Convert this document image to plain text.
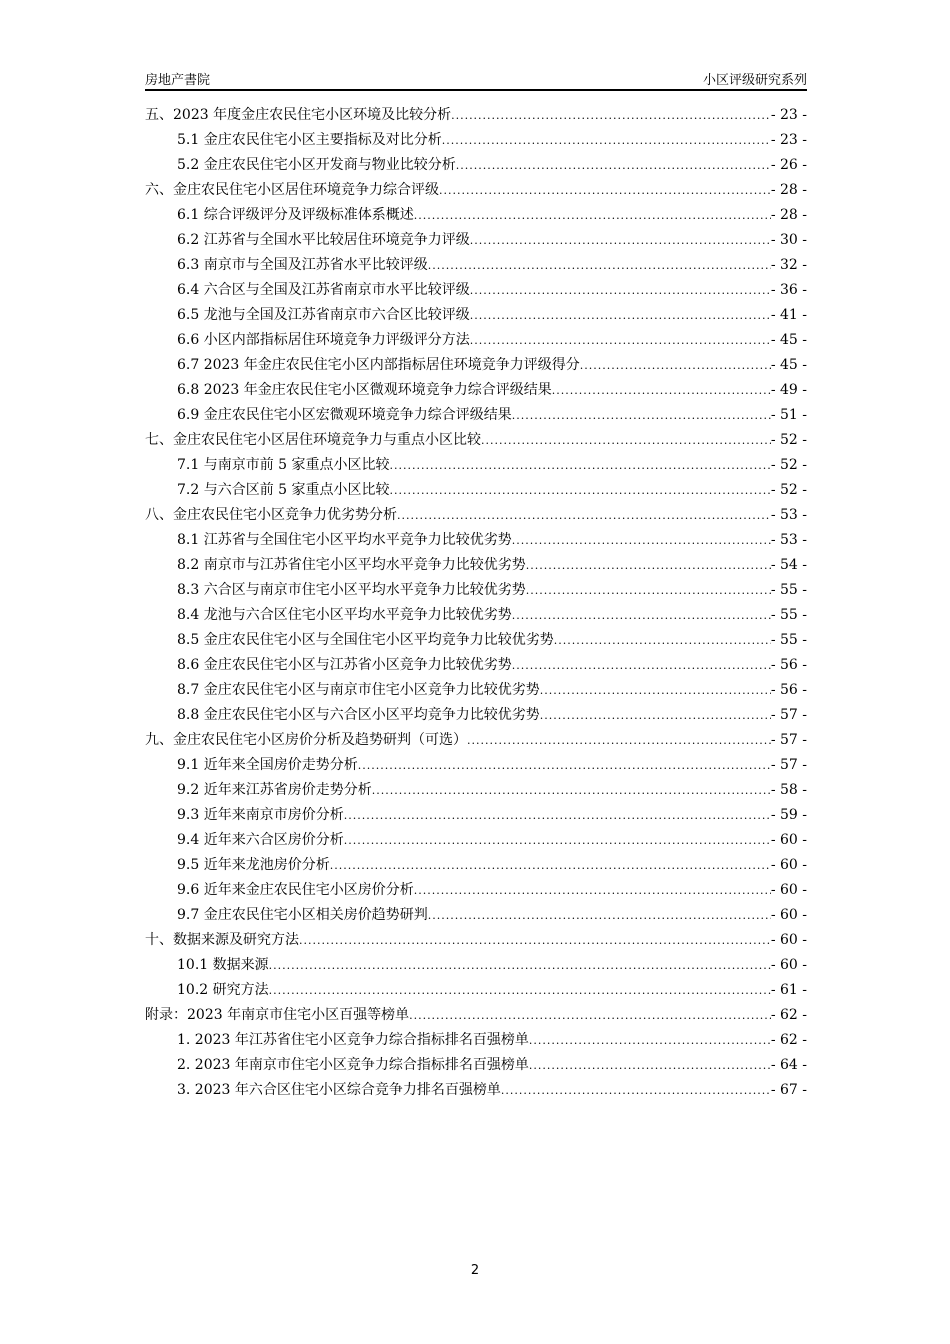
房地产書院	小区评级研究系列
五、2023 年度金庄农民住宅小区环境及比较分析 .....	- 23 -
5.1 金庄农民住宅小区主要指标及对比分析 .....	- 23 -
5.2 金庄农民住宅小区开发商与物业比较分析 .....	- 26 -
六、金庄农民住宅小区居住环境竞争力综合评级 .....	- 28 -
6.1 综合评级评分及评级标准体系概述 .....	- 28 -
6.2 江苏省与全国水平比较居住环境竞争力评级 .....	- 30 -
6.3 南京市与全国及江苏省水平比较评级 .....	- 32 -
6.4 六合区与全国及江苏省南京市水平比较评级 .....	- 36 -
6.5 龙池与全国及江苏省南京市六合区比较评级 .....	- 41 -
6.6 小区内部指标居住环境竞争力评级评分方法 .....	- 45 -
6.7 2023 年金庄农民住宅小区内部指标居住环境竞争力评级得分 .....	- 45 -
6.8 2023 年金庄农民住宅小区微观环境竞争力综合评级结果 .....	- 49 -
6.9 金庄农民住宅小区宏微观环境竞争力综合评级结果 .....	- 51 -
七、金庄农民住宅小区居住环境竞争力与重点小区比较 .....	- 52 -
7.1 与南京市前 5 家重点小区比较 .....	- 52 -
7.2 与六合区前 5 家重点小区比较 .....	- 52 -
八、金庄农民住宅小区竞争力优劣势分析 .....	- 53 -
8.1 江苏省与全国住宅小区平均水平竞争力比较优劣势 .....	- 53 -
8.2 南京市与江苏省住宅小区平均水平竞争力比较优劣势 .....	- 54 -
8.3 六合区与南京市住宅小区平均水平竞争力比较优劣势 .....	- 55 -
8.4 龙池与六合区住宅小区平均水平竞争力比较优劣势 .....	- 55 -
8.5 金庄农民住宅小区与全国住宅小区平均竞争力比较优劣势 .....	- 55 -
8.6 金庄农民住宅小区与江苏省小区竞争力比较优劣势 .....	- 56 -
8.7 金庄农民住宅小区与南京市住宅小区竞争力比较优劣势 .....	- 56 -
8.8 金庄农民住宅小区与六合区小区平均竞争力比较优劣势 .....	- 57 -
九、金庄农民住宅小区房价分析及趋势研判（可选） .....	- 57 -
9.1 近年来全国房价走势分析 .....	- 57 -
9.2 近年来江苏省房价走势分析 .....	- 58 -
9.3 近年来南京市房价分析 .....	- 59 -
9.4 近年来六合区房价分析 .....	- 60 -
9.5 近年来龙池房价分析 .....	- 60 -
9.6 近年来金庄农民住宅小区房价分析 .....	- 60 -
9.7 金庄农民住宅小区相关房价趋势研判 .....	- 60 -
十、数据来源及研究方法 .....	- 60 -
10.1 数据来源 .....	- 60 -
10.2 研究方法 .....	- 61 -
附录：2023 年南京市住宅小区百强等榜单 .....	- 62 -
1. 2023 年江苏省住宅小区竞争力综合指标排名百强榜单 .....	- 62 -
2. 2023 年南京市住宅小区竞争力综合指标排名百强榜单 .....	- 64 -
3. 2023 年六合区住宅小区综合竞争力排名百强榜单 .....	- 67 -
2
